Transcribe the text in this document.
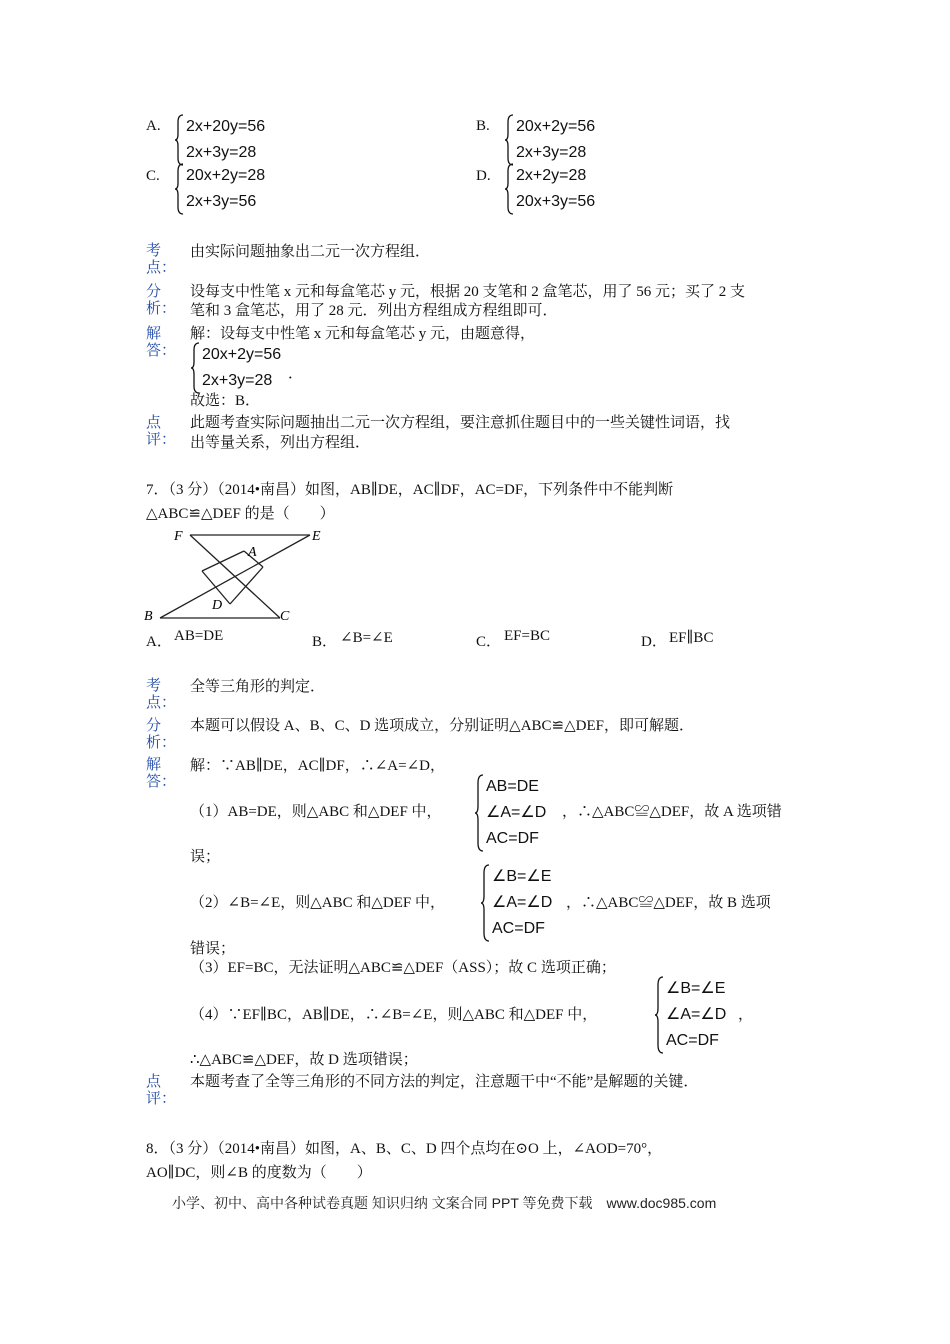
A. 2x+20y=56
2x+3y=28
B. 20x+2y=56
2x+3y=28
C. 20x+2y=28
2x+3y=56
D. 2x+2y=28
20x+3y=56
考点：
由实际问题抽象出二元一次方程组．
分析：
设每支中性笔 x 元和每盒笔芯 y 元，根据 20 支笔和 2 盒笔芯，用了 56 元；买了 2 支
笔和 3 盒笔芯，用了 28 元．列出方程组成方程组即可．
解答：
解：设每支中性笔 x 元和每盒笔芯 y 元，由题意得，
20x+2y=56
2x+3y=28	．
故选：B．
点评：
此题考查实际问题抽出二元一次方程组，要注意抓住题目中的一些关键性词语，找
出等量关系，列出方程组．
7．（3 分）（2014•南昌）如图，AB∥DE，AC∥DF，AC=DF，下列条件中不能判断
△ABC≌△DEF 的是（　　）
F	E
A
D
B	C
A． AB=DE	B． ∠B=∠E	C． EF=BC	D． EF∥BC
考点：
全等三角形的判定．
分析：
本题可以假设 A、B、C、D 选项成立，分别证明△ABC≌△DEF，即可解题．
解答：
解：∵AB∥DE，AC∥DF，∴∠A=∠D，
（1）AB=DE，则△ABC 和△DEF 中，
AB=DE
∠A=∠D
AC=DF
，∴△ABC≌△DEF，故 A 选项错
误；
（2）∠B=∠E，则△ABC 和△DEF 中，
∠B=∠E
∠A=∠D
AC=DF
，∴△ABC≌△DEF，故 B 选项
错误；
（3）EF=BC，无法证明△ABC≌△DEF（ASS）；故 C 选项正确；
（4）∵EF∥BC，AB∥DE，∴∠B=∠E，则△ABC 和△DEF 中，
∠B=∠E
∠A=∠D
AC=DF
，
∴△ABC≌△DEF，故 D 选项错误；
点评：
本题考查了全等三角形的不同方法的判定，注意题干中“不能”是解题的关键．
8．（3 分）（2014•南昌）如图，A、B、C、D 四个点均在⊙O 上，∠AOD=70°，
AO∥DC，则∠B 的度数为（　　）
小学、初中、高中各种试卷真题 知识归纳 文案合同 PPT 等免费下载　www.doc985.com
